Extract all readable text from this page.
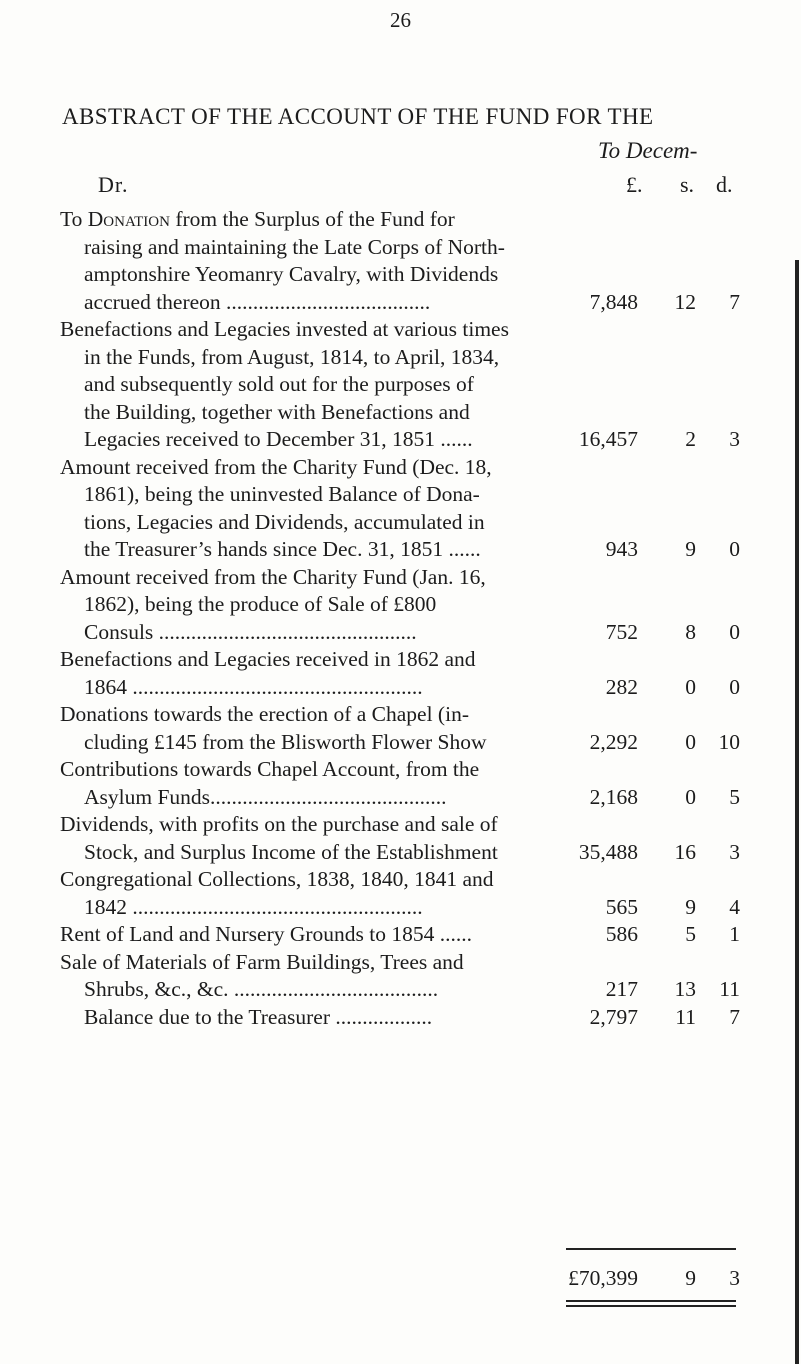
26
ABSTRACT OF THE ACCOUNT OF THE FUND FOR THE
To Decem-
Dr.	£. s. d.
To Donation from the Surplus of the Fund for
raising and maintaining the Late Corps of North-
amptonshire Yeomanry Cavalry, with Dividends
accrued thereon ......................................	7,848 12 7
Benefactions and Legacies invested at various times
in the Funds, from August, 1814, to April, 1834,
and subsequently sold out for the purposes of
the Building, together with Benefactions and
Legacies received to December 31, 1851 ......	16,457 2 3
Amount received from the Charity Fund (Dec. 18,
1861), being the uninvested Balance of Dona-
tions, Legacies and Dividends, accumulated in
the Treasurer’s hands since Dec. 31, 1851 ......	943 9 0
Amount received from the Charity Fund (Jan. 16,
1862), being the produce of Sale of £800
Consuls ................................................	752 8 0
Benefactions and Legacies received in 1862 and
1864 ......................................................	282 0 0
Donations towards the erection of a Chapel (in-
cluding £145 from the Blisworth Flower Show	2,292 0 10
Contributions towards Chapel Account, from the
Asylum Funds............................................	2,168 0 5
Dividends, with profits on the purchase and sale of
Stock, and Surplus Income of the Establishment	35,488 16 3
Congregational Collections, 1838, 1840, 1841 and
1842 ......................................................	565 9 4
Rent of Land and Nursery Grounds to 1854 ......	586 5 1
Sale of Materials of Farm Buildings, Trees and
Shrubs, &c., &c. ......................................	217 13 11
Balance due to the Treasurer ..................	2,797 11 7
£70,399 9 3
